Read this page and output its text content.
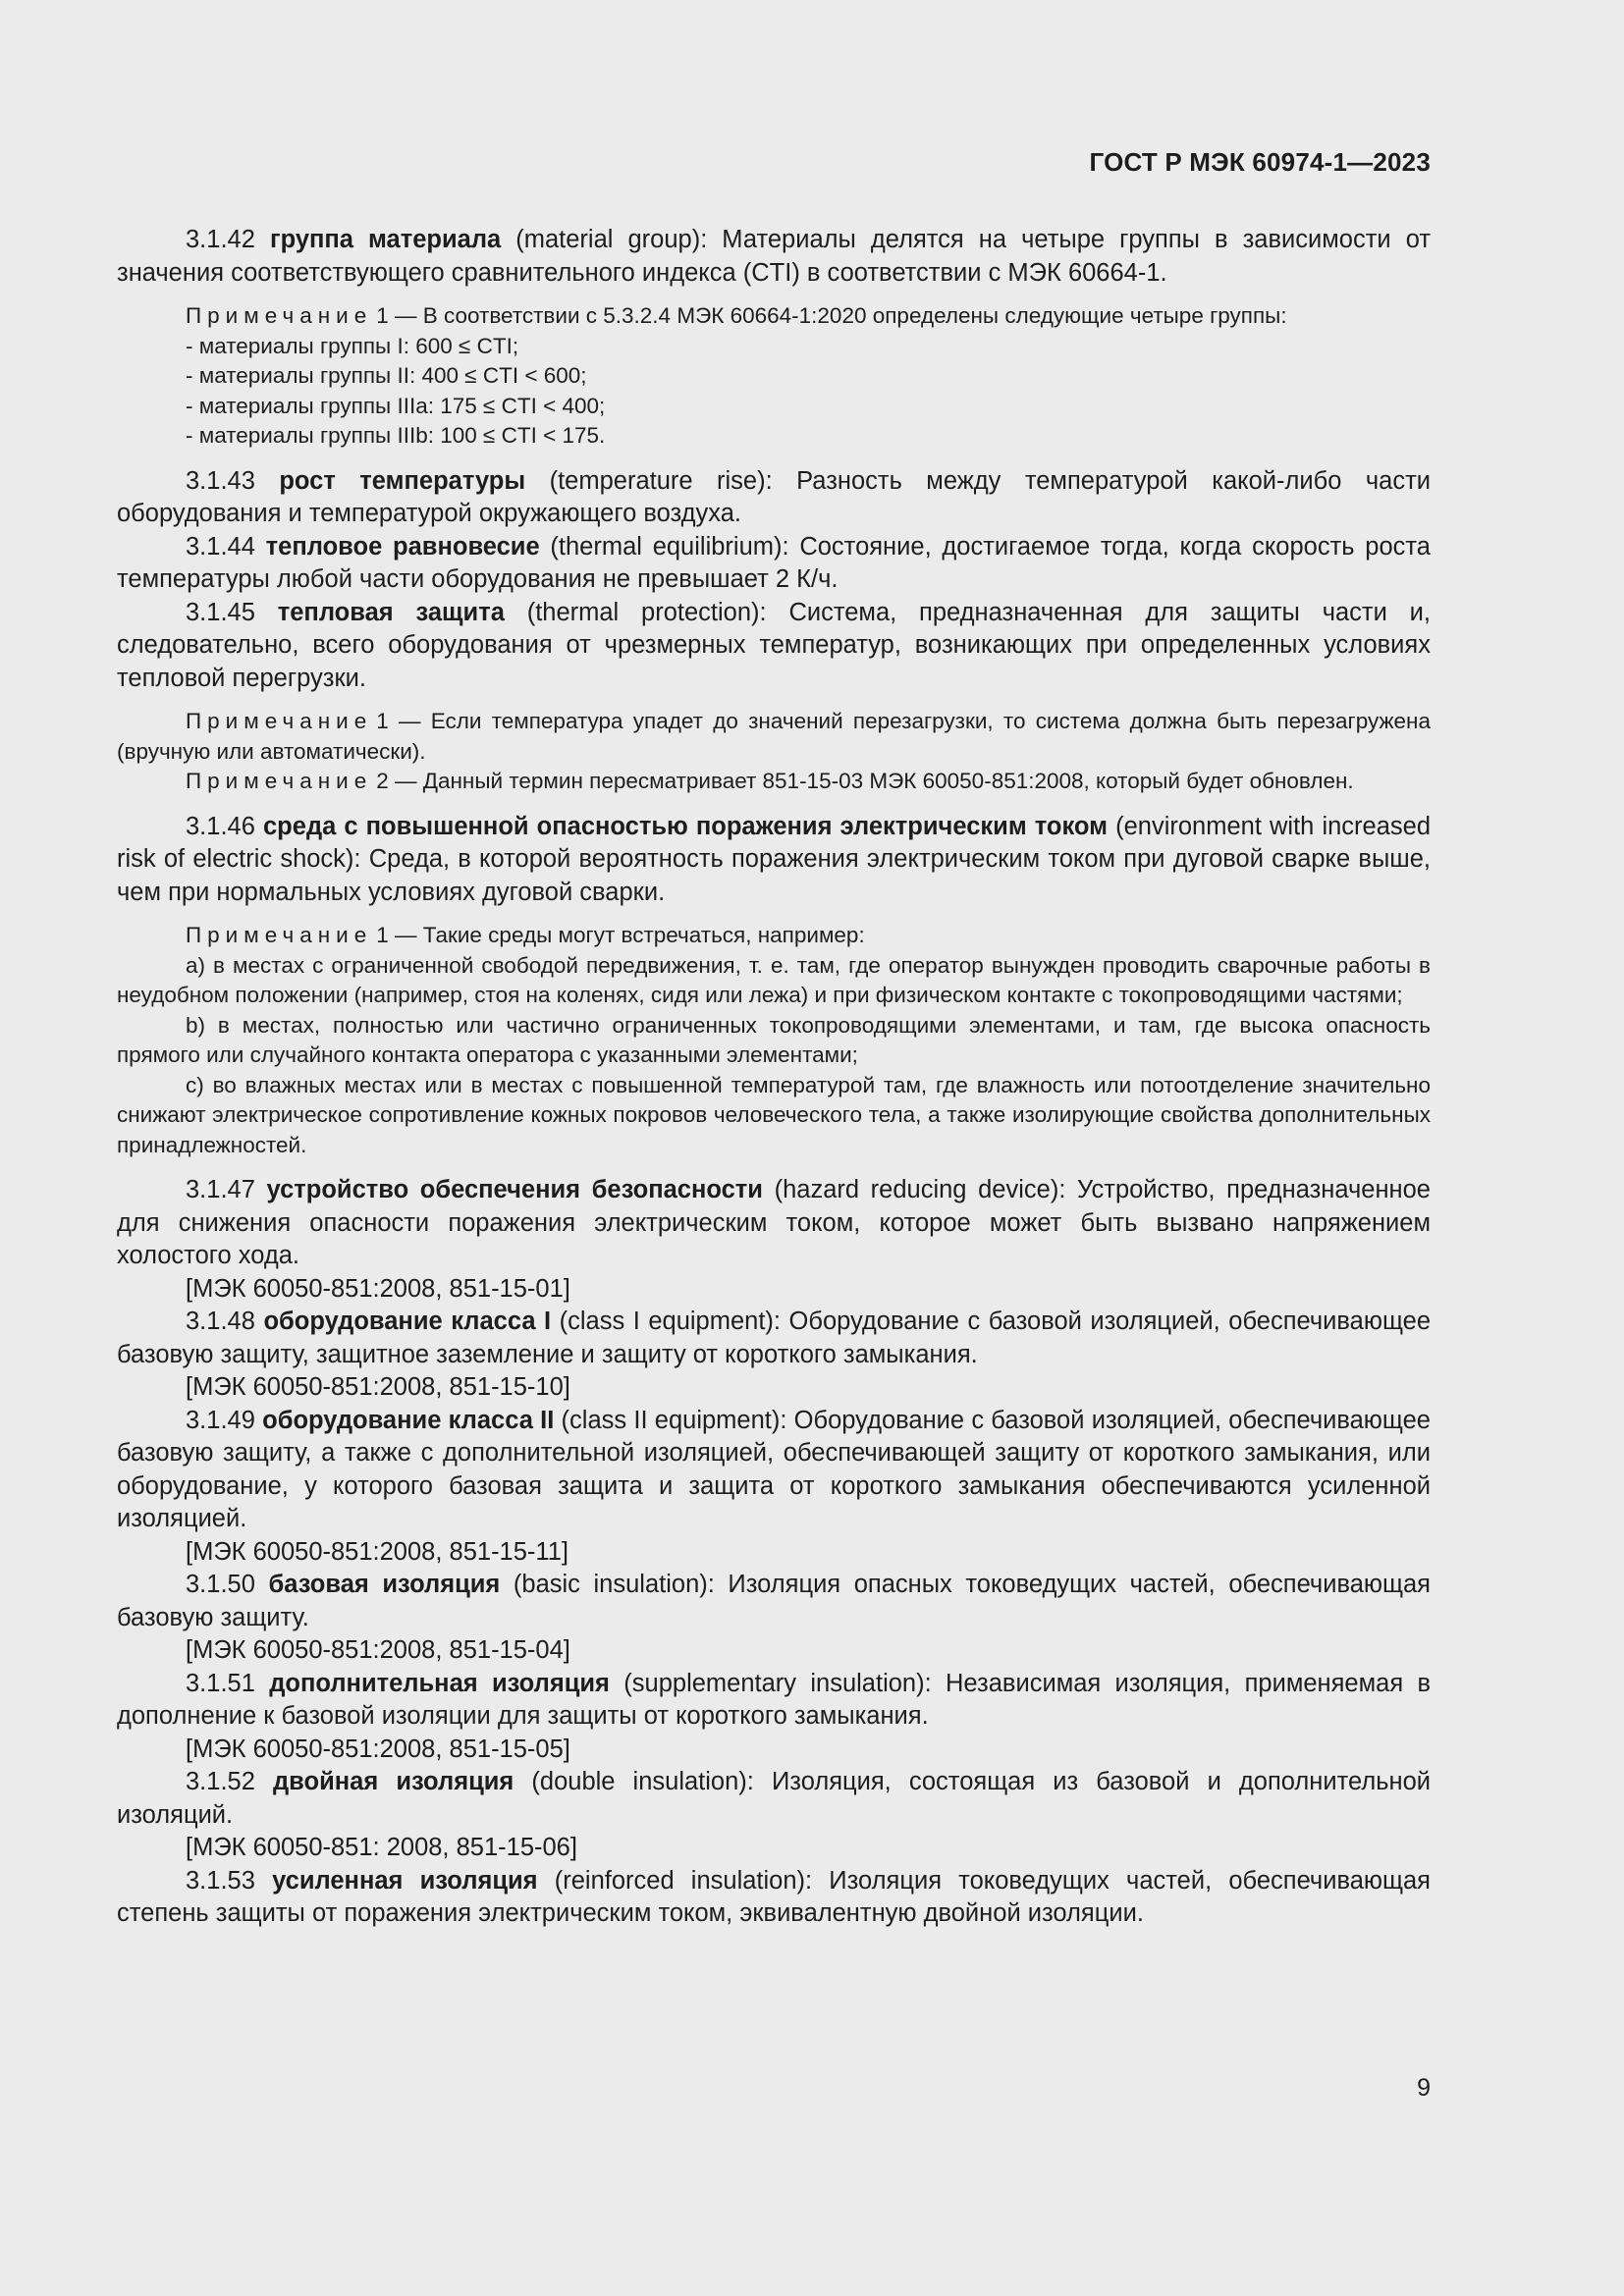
ГОСТ Р МЭК 60974-1—2023

3.1.42 группа материала (material group): Материалы делятся на четыре группы в зависимости от значения соответствующего сравнительного индекса (CTI) в соответствии с МЭК 60664-1.

Примечание 1 — В соответствии с 5.3.2.4 МЭК 60664-1:2020 определены следующие четыре группы:

- материалы группы I: 600 ≤ CTI;

- материалы группы II: 400 ≤ CTI < 600;

- материалы группы IIIa: 175 ≤ CTI < 400;

- материалы группы IIIb: 100 ≤ CTI < 175.

3.1.43 рост температуры (temperature rise): Разность между температурой какой-либо части оборудования и температурой окружающего воздуха.

3.1.44 тепловое равновесие (thermal equilibrium): Состояние, достигаемое тогда, когда скорость роста температуры любой части оборудования не превышает 2 К/ч.

3.1.45 тепловая защита (thermal protection): Система, предназначенная для защиты части и, следовательно, всего оборудования от чрезмерных температур, возникающих при определенных условиях тепловой перегрузки.

Примечание 1 — Если температура упадет до значений перезагрузки, то система должна быть перезагружена (вручную или автоматически).

Примечание 2 — Данный термин пересматривает 851-15-03 МЭК 60050-851:2008, который будет обновлен.

3.1.46 среда с повышенной опасностью поражения электрическим током (environment with increased risk of electric shock): Среда, в которой вероятность поражения электрическим током при дуговой сварке выше, чем при нормальных условиях дуговой сварки.

Примечание 1 — Такие среды могут встречаться, например:

а) в местах с ограниченной свободой передвижения, т. е. там, где оператор вынужден проводить сварочные работы в неудобном положении (например, стоя на коленях, сидя или лежа) и при физическом контакте с токопроводящими частями;

b) в местах, полностью или частично ограниченных токопроводящими элементами, и там, где высока опасность прямого или случайного контакта оператора с указанными элементами;

с) во влажных местах или в местах с повышенной температурой там, где влажность или потоотделение значительно снижают электрическое сопротивление кожных покровов человеческого тела, а также изолирующие свойства дополнительных принадлежностей.

3.1.47 устройство обеспечения безопасности (hazard reducing device): Устройство, предназначенное для снижения опасности поражения электрическим током, которое может быть вызвано напряжением холостого хода.

[МЭК 60050-851:2008, 851-15-01]

3.1.48 оборудование класса I (class I equipment): Оборудование с базовой изоляцией, обеспечивающее базовую защиту, защитное заземление и защиту от короткого замыкания.

[МЭК 60050-851:2008, 851-15-10]

3.1.49 оборудование класса II (class II equipment): Оборудование с базовой изоляцией, обеспечивающее базовую защиту, а также с дополнительной изоляцией, обеспечивающей защиту от короткого замыкания, или оборудование, у которого базовая защита и защита от короткого замыкания обеспечиваются усиленной изоляцией.

[МЭК 60050-851:2008, 851-15-11]

3.1.50 базовая изоляция (basic insulation): Изоляция опасных токоведущих частей, обеспечивающая базовую защиту.

[МЭК 60050-851:2008, 851-15-04]

3.1.51 дополнительная изоляция (supplementary insulation): Независимая изоляция, применяемая в дополнение к базовой изоляции для защиты от короткого замыкания.

[МЭК 60050-851:2008, 851-15-05]

3.1.52 двойная изоляция (double insulation): Изоляция, состоящая из базовой и дополнительной изоляций.

[МЭК 60050-851: 2008, 851-15-06]

3.1.53 усиленная изоляция (reinforced insulation): Изоляция токоведущих частей, обеспечивающая степень защиты от поражения электрическим током, эквивалентную двойной изоляции.

9
